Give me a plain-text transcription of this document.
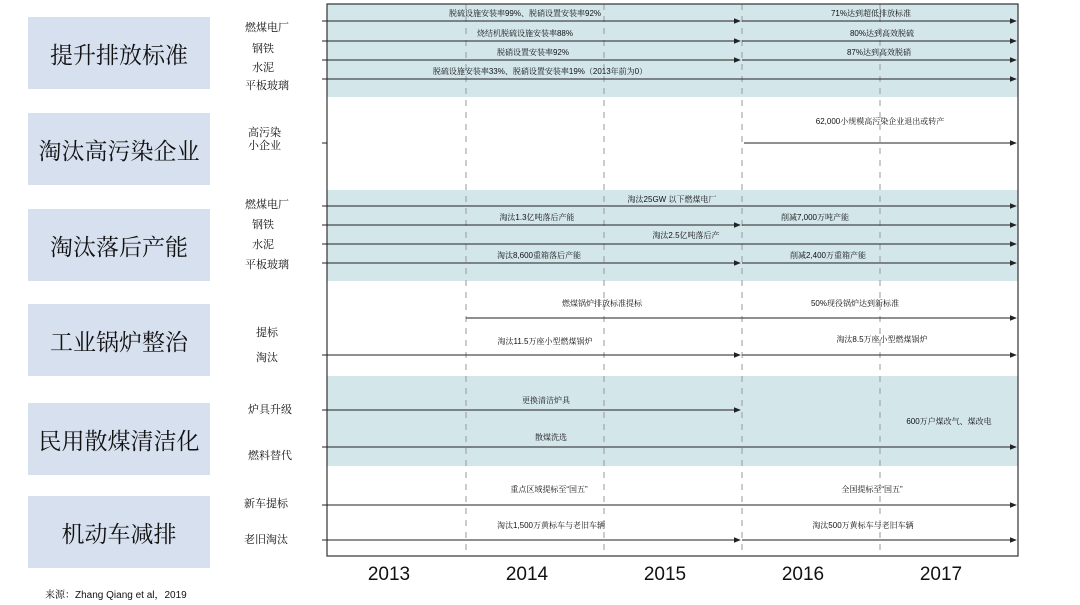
提升排放标准
淘汰高污染企业
淘汰落后产能
工业锅炉整治
民用散煤清洁化
机动车减排
燃煤电厂
钢铁
水泥
平板玻璃
高污染
小企业
燃煤电厂
钢铁
水泥
平板玻璃
提标
淘汰
炉具升级
燃料替代
新车提标
老旧淘汰
脱硫设施安装率99%、脱硝设置安装率92%	71%达到超低排放标准
烧结机脱硫设施安装率88%	80%达到高效脱硫
脱硝设置安装率92%	87%达到高效脱硝
脱硫设施安装率33%、脱硝设置安装率19%（2013年前为0）
62,000小规模高污染企业退出或转产
淘汰25GW 以下燃煤电厂
淘汰1.3亿吨落后产能	削减7,000万吨产能
淘汰2.5亿吨落后产
淘汰8,600重箱落后产能	削减2,400万重箱产能
燃煤锅炉排放标准提标	50%现役锅炉达到新标准
淘汰11.5万座小型燃煤锅炉	淘汰8.5万座小型燃煤锅炉
更换清洁炉具
600万户煤改气、煤改电
散煤洗选
重点区域提标至“国五”	全国提标至“国五”
淘汰1,500万黄标车与老旧车辆	淘汰500万黄标车与老旧车辆
2013	2014	2015	2016	2017
来源：Zhang Qiang et al，2019
